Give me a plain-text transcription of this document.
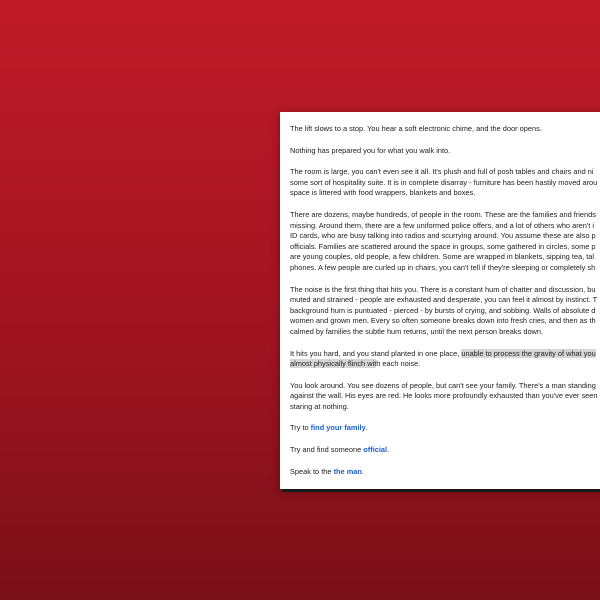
The lift slows to a stop. You hear a soft electronic chime, and the door opens.

Nothing has prepared you for what you walk into.

The room is large, you can't even see it all. It's plush and full of posh tables and chairs and ni
some sort of hospitality suite. It is in complete disarray - furniture has been hastily moved arou
space is littered with food wrappers, blankets and boxes.

There are dozens, maybe hundreds, of people in the room. These are the families and friends
missing. Around them, there are a few uniformed police offers, and a lot of others who aren't i
ID cards, who are busy talking into radios and scurrying around. You assume these are also p
officials. Families are scattered around the space in groups, some gathered in circles, some p
are young couples, old people, a few children. Some are wrapped in blankets, sipping tea, tal
phones. A few people are curled up in chairs, you can't tell if they're sleeping or completely sh

The noise is the first thing that hits you. There is a constant hum of chatter and discussion, bu
muted and strained - people are exhausted and desperate, you can feel it almost by instinct. T
background hum is puntuated - pierced - by bursts of crying, and sobbing. Walls of absolute d
women and grown men. Every so often someone breaks down into fresh cries, and then as th
calmed by families the subtle hum returns, until the next person breaks down.

It hits you hard, and you stand planted in one place, unable to process the gravity of what you
almost physically flinch with each noise.

You look around. You see dozens of people, but can't see your family. There's a man standing
against the wall. His eyes are red. He looks more profoundly exhausted than you've ever seen
staring at nothing.

Try to find your family.

Try and find someone official.

Speak to the the man.
